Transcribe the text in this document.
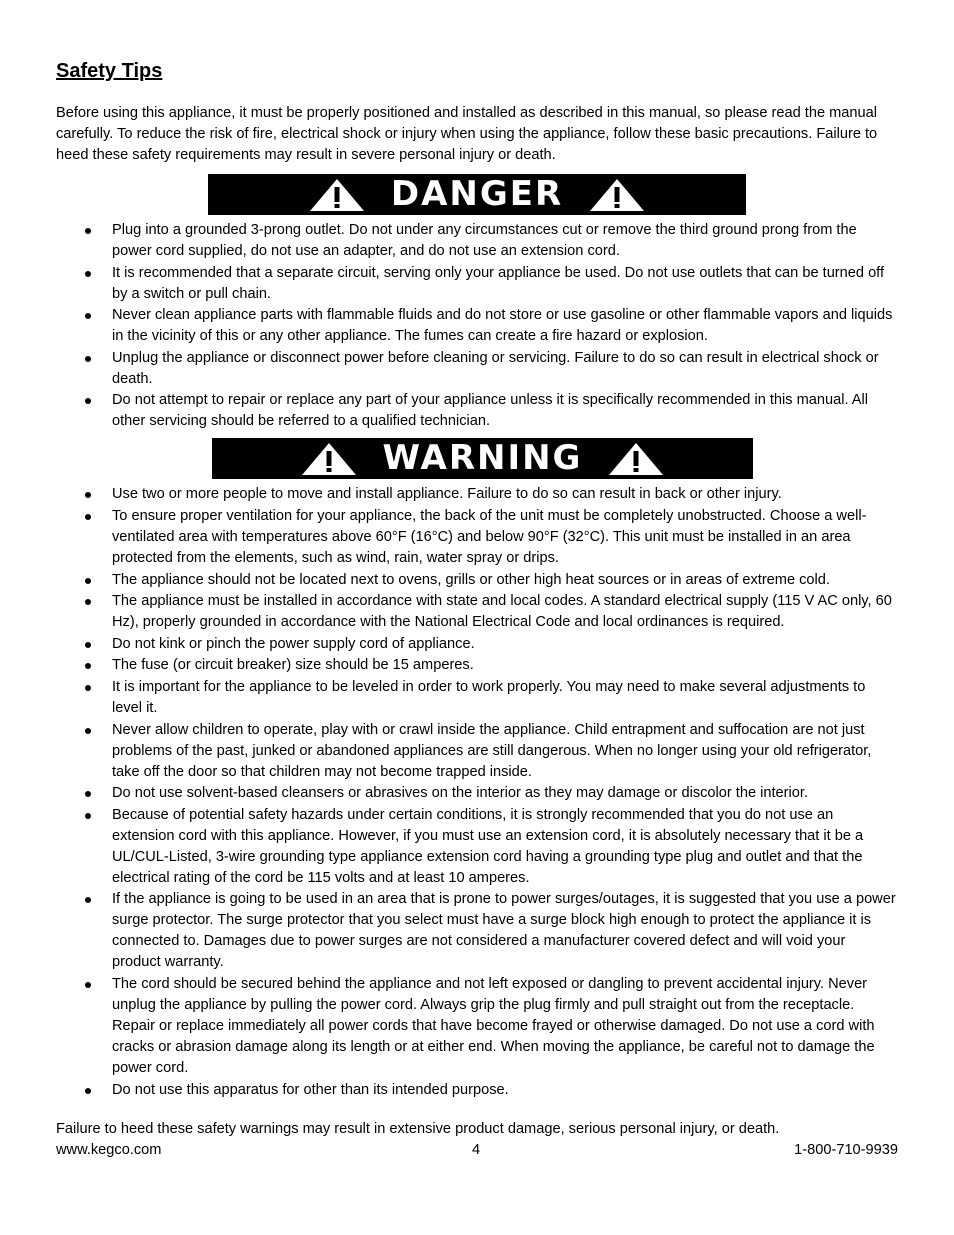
Safety Tips

Before using this appliance, it must be properly positioned and installed as described in this manual, so please read the manual carefully. To reduce the risk of fire, electrical shock or injury when using the appliance, follow these basic precautions. Failure to heed these safety requirements may result in severe personal injury or death.

DANGER
Plug into a grounded 3-prong outlet. Do not under any circumstances cut or remove the third ground prong from the power cord supplied, do not use an adapter, and do not use an extension cord.
It is recommended that a separate circuit, serving only your appliance be used. Do not use outlets that can be turned off by a switch or pull chain.
Never clean appliance parts with flammable fluids and do not store or use gasoline or other flammable vapors and liquids in the vicinity of this or any other appliance. The fumes can create a fire hazard or explosion.
Unplug the appliance or disconnect power before cleaning or servicing. Failure to do so can result in electrical shock or death.
Do not attempt to repair or replace any part of your appliance unless it is specifically recommended in this manual. All other servicing should be referred to a qualified technician.
WARNING
Use two or more people to move and install appliance. Failure to do so can result in back or other injury.
To ensure proper ventilation for your appliance, the back of the unit must be completely unobstructed. Choose a well-ventilated area with temperatures above 60°F (16°C) and below 90°F (32°C). This unit must be installed in an area protected from the elements, such as wind, rain, water spray or drips.
The appliance should not be located next to ovens, grills or other high heat sources or in areas of extreme cold.
The appliance must be installed in accordance with state and local codes. A standard electrical supply (115 V AC only, 60 Hz), properly grounded in accordance with the National Electrical Code and local ordinances is required.
Do not kink or pinch the power supply cord of appliance.
The fuse (or circuit breaker) size should be 15 amperes.
It is important for the appliance to be leveled in order to work properly. You may need to make several adjustments to level it.
Never allow children to operate, play with or crawl inside the appliance. Child entrapment and suffocation are not just problems of the past, junked or abandoned appliances are still dangerous. When no longer using your old refrigerator, take off the door so that children may not become trapped inside.
Do not use solvent-based cleansers or abrasives on the interior as they may damage or discolor the interior.
Because of potential safety hazards under certain conditions, it is strongly recommended that you do not use an extension cord with this appliance. However, if you must use an extension cord, it is absolutely necessary that it be a UL/CUL-Listed, 3-wire grounding type appliance extension cord having a grounding type plug and outlet and that the electrical rating of the cord be 115 volts and at least 10 amperes.
If the appliance is going to be used in an area that is prone to power surges/outages, it is suggested that you use a power surge protector. The surge protector that you select must have a surge block high enough to protect the appliance it is connected to. Damages due to power surges are not considered a manufacturer covered defect and will void your product warranty.
The cord should be secured behind the appliance and not left exposed or dangling to prevent accidental injury. Never unplug the appliance by pulling the power cord. Always grip the plug firmly and pull straight out from the receptacle. Repair or replace immediately all power cords that have become frayed or otherwise damaged. Do not use a cord with cracks or abrasion damage along its length or at either end. When moving the appliance, be careful not to damage the power cord.
Do not use this apparatus for other than its intended purpose.

Failure to heed these safety warnings may result in extensive product damage, serious personal injury, or death.

www.kegco.com	4	1-800-710-9939
